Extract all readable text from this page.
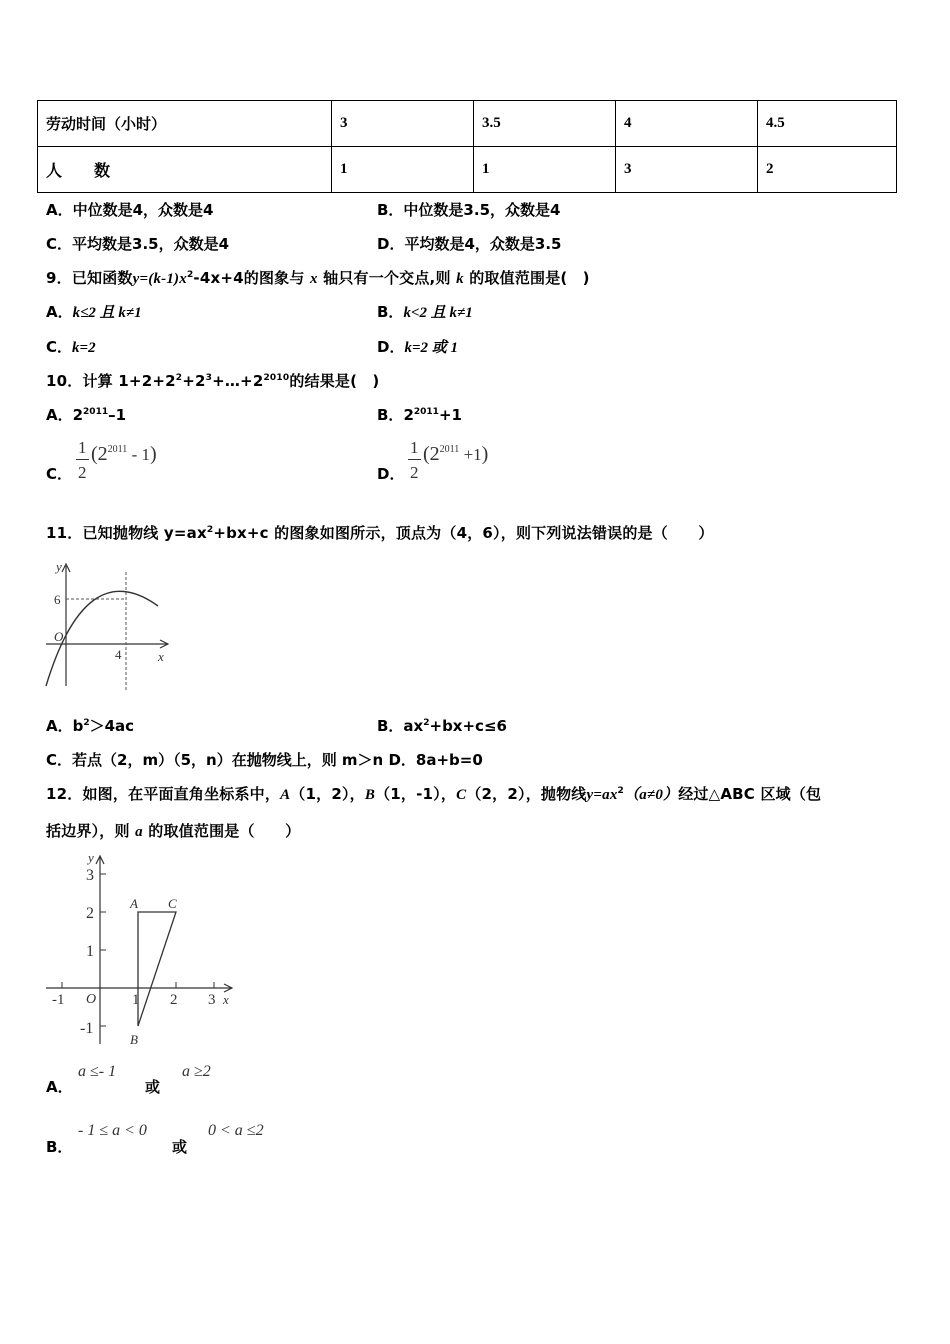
劳动时间（小时）	3	3.5	4	4.5
人　　数	1	1	3	2
A．中位数是4，众数是4	B．中位数是3.5，众数是4
C．平均数是3.5，众数是4	D．平均数是4，众数是3.5
9．已知函数$y=(k-1)x^2-4x+4$的图象与 x 轴只有一个交点,则 k 的取值范围是(　)
A．k≤2 且 k≠1	B．k<2 且 k≠1
C．k=2	D．k=2 或 1
10．计算 $1+2+2^2+2^3+\dots+2^{2010}$的结果是(　)
A．$2^{2011}-1$	B．$2^{2011}+1$
C．
1
2
$(2^{2011} - 1)$
D．
1
2
$(2^{2011} +1)$
11．已知抛物线 $y=ax^2+bx+c$ 的图象如图所示，顶点为（4，6），则下列说法错误的是（　　）
y
x
O
6
4
A．$b^2>4ac$	B．$ax^2+bx+c\le 6$
C．若点（2，m）（5，n）在抛物线上，则 m＞n D．8a+b=0
12．如图，在平面直角坐标系中，A（1，2），B（1，-1），C（2，2），抛物线$y=ax^2(a\ne 0)$经过△ABC 区域（包
括边界），则 a 的取值范围是（　　）
y
x
O
-1	1 2 3
3
2
1
-1
A C
B
A．
a ≤- 1
或
a ≥2
B．
- 1 ≤ a < 0
或
0 < a ≤2
